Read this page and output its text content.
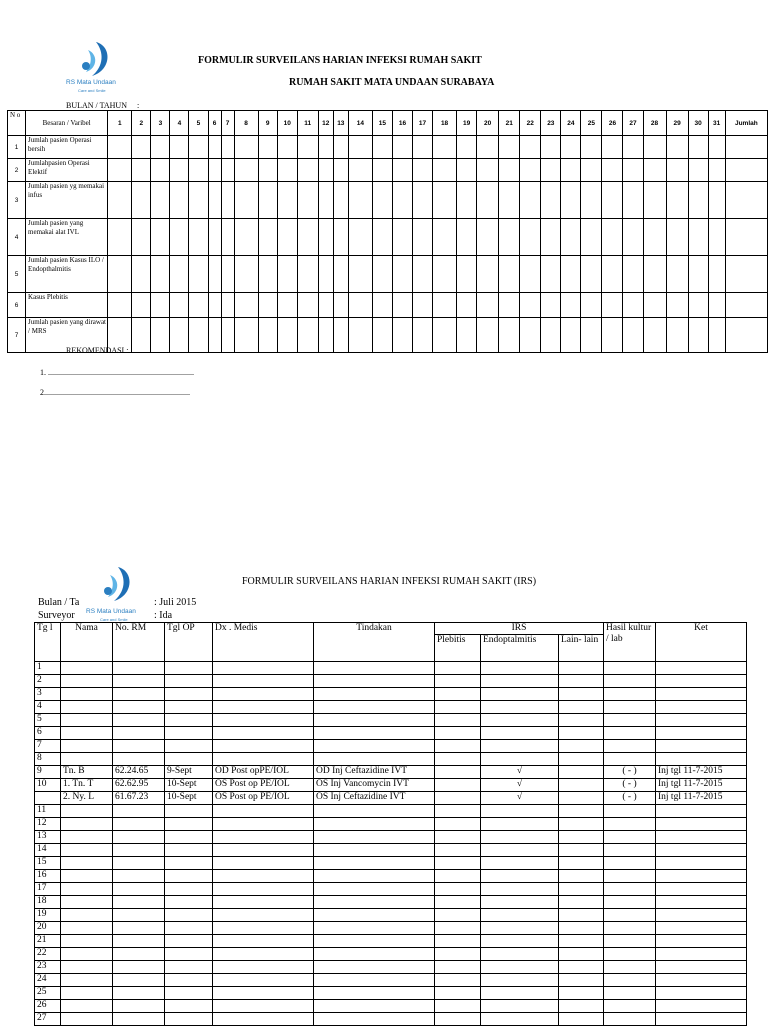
RS Mata Undaan
Care and Smile
FORMULIR SURVEILANS HARIAN INFEKSI RUMAH SAKIT
RUMAH SAKIT MATA UNDAAN SURABAYA
BULAN / TAHUN     :
N o	Besaran / Varibel	1	2	3	4	5	6	7	8	9	10	11	12	13	14	15	16	17	18	19	20	21	22	23	24	25	26	27	28	29	30	31	Jumlah
1	Jumlah pasien Operasi bersih																																
2	Jumlahpasien Operasi Elektif																																
3	Jumlah pasien yg memakai infus																																
4	Jumlah pasien yang memakai alat IVL																																
5	Jumlah pasien Kasus ILO / Endopthalmitis																																
6	Kasus Plebitis																																
7	Jumlah pasien yang dirawat / MRS																																
REKOMENDASI :
1. .........................................................................
2.........................................................................
RS Mata Undaan
Care and Smile
FORMULIR SURVEILANS HARIAN INFEKSI RUMAH SAKIT (IRS)
Bulan / Ta	: Juli 2015
Surveyor	: Ida
Tg l	Nama	No. RM	Tgl OP	Dx . Medis	Tindakan	IRS			Hasil kultur / lab	Ket
						Plebitis	Endoptalmitis	Lain- lain		
1										
2										
3										
4										
5										
6										
7										
8										
9	Tn. B	62.24.65	9-Sept	OD Post opPE/IOL	OD Inj Ceftazidine IVT		√		( - )	Inj tgl 11-7-2015
10	1. Tn. T	62.62.95	10-Sept	OS Post op PE/IOL	OS Inj Vancomycin IVT		√		( - )	Inj tgl 11-7-2015
	2. Ny. L	61.67.23	10-Sept	OS Post op PE/IOL	OS Inj Ceftazidine IVT		√		( - )	Inj tgl 11-7-2015
11										
12										
13										
14										
15										
16										
17										
18										
19										
20										
21										
22										
23										
24										
25										
26										
27										
